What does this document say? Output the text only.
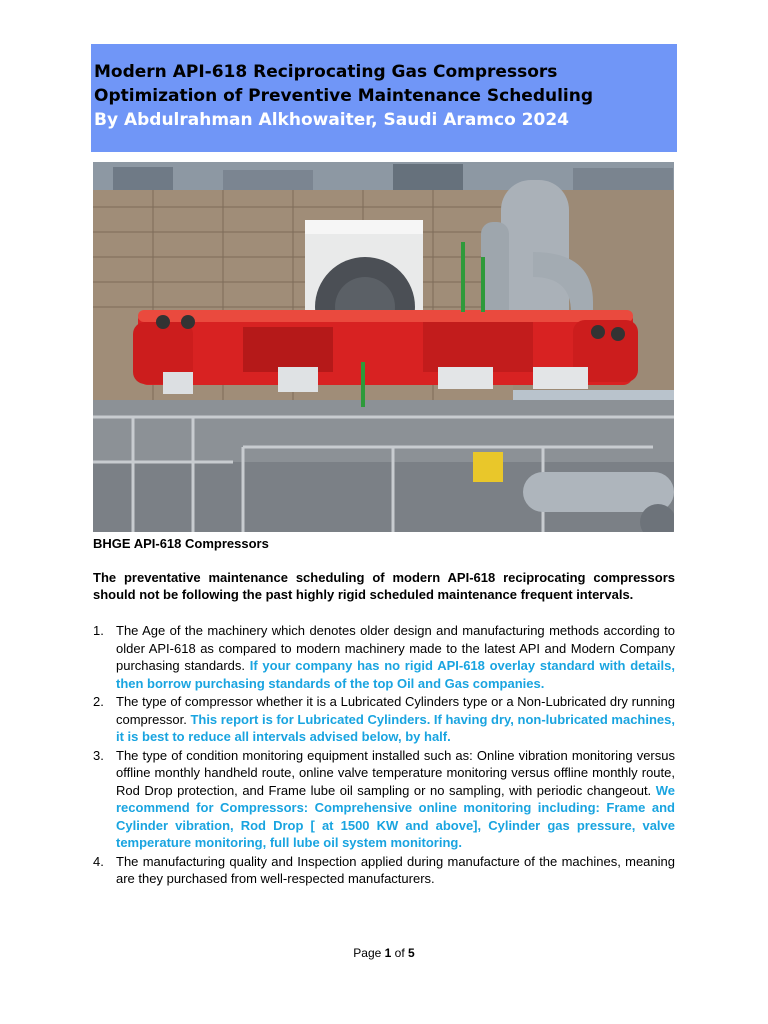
Modern API-618 Reciprocating Gas Compressors
Optimization of Preventive Maintenance Scheduling
By Abdulrahman Alkhowaiter, Saudi Aramco 2024
BHGE API-618 Compressors
The preventative maintenance scheduling of modern API-618 reciprocating compressors should not be following the past highly rigid scheduled maintenance frequent intervals.
1. The Age of the machinery which denotes older design and manufacturing methods according to older API-618 as compared to modern machinery made to the latest API and Modern Company purchasing standards. If your company has no rigid API-618 overlay standard with details, then borrow purchasing standards of the top Oil and Gas companies.
2. The type of compressor whether it is a Lubricated Cylinders type or a Non-Lubricated dry running compressor. This report is for Lubricated Cylinders. If having dry, non-lubricated machines, it is best to reduce all intervals advised below, by half.
3. The type of condition monitoring equipment installed such as: Online vibration monitoring versus offline monthly handheld route, online valve temperature monitoring versus offline monthly route, Rod Drop protection, and Frame lube oil sampling or no sampling, with periodic changeout. We recommend for Compressors: Comprehensive online monitoring including: Frame and Cylinder vibration, Rod Drop [ at 1500 KW and above], Cylinder gas pressure, valve temperature monitoring, full lube oil system monitoring.
4. The manufacturing quality and Inspection applied during manufacture of the machines, meaning are they purchased from well-respected manufacturers.
Page 1 of 5
